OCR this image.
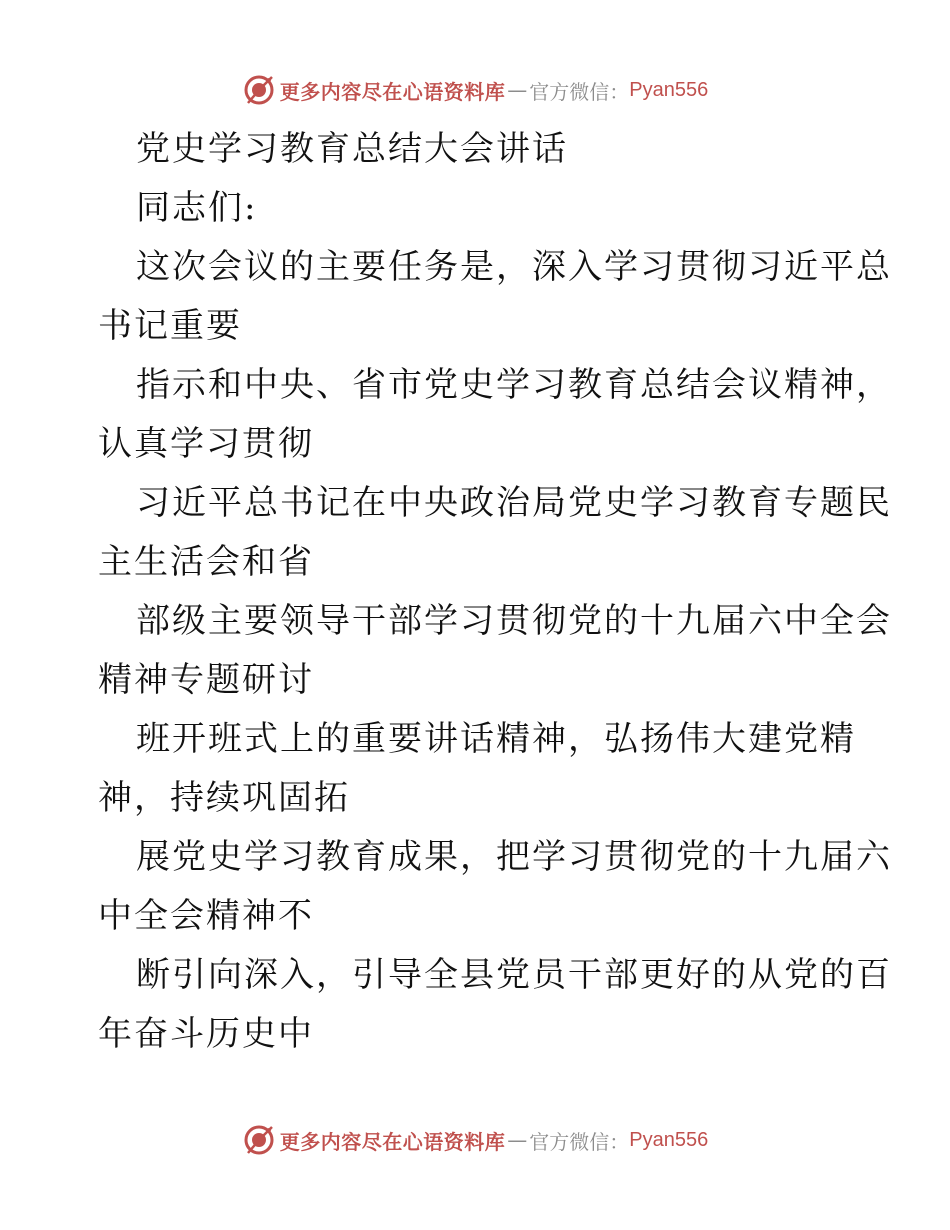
更多内容尽在心语资料库 — 官方微信： Pyan556
党史学习教育总结大会讲话
同志们:
这次会议的主要任务是，深入学习贯彻习近平总
书记重要
指示和中央、省市党史学习教育总结会议精神，
认真学习贯彻
习近平总书记在中央政治局党史学习教育专题民
主生活会和省
部级主要领导干部学习贯彻党的十九届六中全会
精神专题研讨
班开班式上的重要讲话精神，弘扬伟大建党精
神，持续巩固拓
展党史学习教育成果，把学习贯彻党的十九届六
中全会精神不
断引向深入，引导全县党员干部更好的从党的百
年奋斗历史中
更多内容尽在心语资料库 — 官方微信： Pyan556
